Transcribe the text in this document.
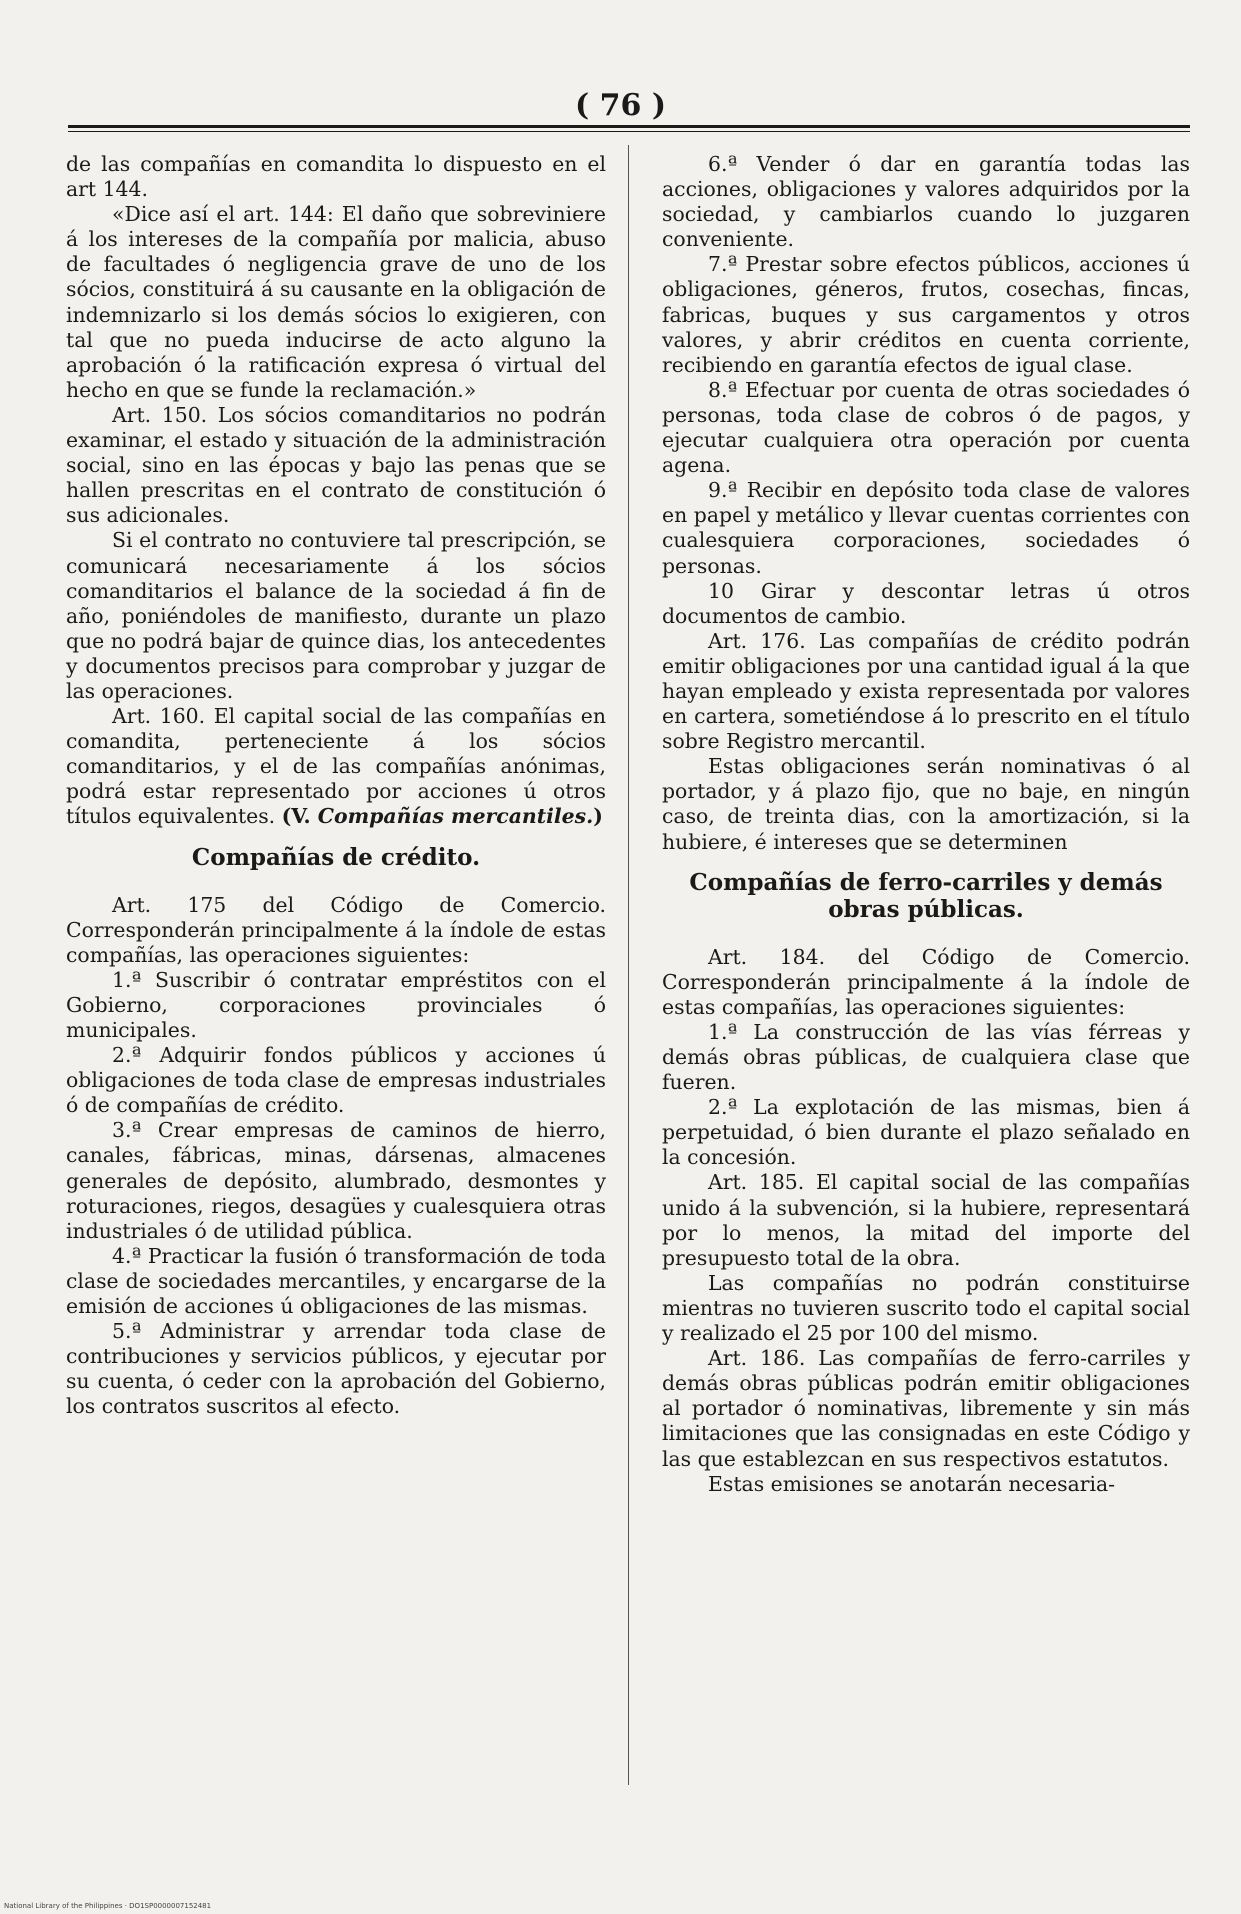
( 76 )

de las compañías en comandita lo dispuesto en el art 144.

«Dice así el art. 144: El daño que sobreviniere á los intereses de la compañía por malicia, abuso de facultades ó negligencia grave de uno de los sócios, constituirá á su causante en la obligación de indemnizarlo si los demás sócios lo exigieren, con tal que no pueda inducirse de acto alguno la aprobación ó la ratificación expresa ó virtual del hecho en que se funde la reclamación.»

Art. 150. Los sócios comanditarios no podrán examinar, el estado y situación de la administración social, sino en las épocas y bajo las penas que se hallen prescritas en el contrato de constitución ó sus adicionales.

Si el contrato no contuviere tal prescripción, se comunicará necesariamente á los sócios comanditarios el balance de la sociedad á fin de año, poniéndoles de manifiesto, durante un plazo que no podrá bajar de quince dias, los antecedentes y documentos precisos para comprobar y juzgar de las operaciones.

Art. 160. El capital social de las compañías en comandita, perteneciente á los sócios comanditarios, y el de las compañías anónimas, podrá estar representado por acciones ú otros títulos equivalentes. (V. Compañías mercantiles.)

Compañías de crédito.

Art. 175 del Código de Comercio. Corresponderán principalmente á la índole de estas compañías, las operaciones siguientes:

1.ª Suscribir ó contratar empréstitos con el Gobierno, corporaciones provinciales ó municipales.

2.ª Adquirir fondos públicos y acciones ú obligaciones de toda clase de empresas industriales ó de compañías de crédito.

3.ª Crear empresas de caminos de hierro, canales, fábricas, minas, dársenas, almacenes generales de depósito, alumbrado, desmontes y roturaciones, riegos, desagües y cualesquiera otras industriales ó de utilidad pública.

4.ª Practicar la fusión ó transformación de toda clase de sociedades mercantiles, y encargarse de la emisión de acciones ú obligaciones de las mismas.

5.ª Administrar y arrendar toda clase de contribuciones y servicios públicos, y ejecutar por su cuenta, ó ceder con la aprobación del Gobierno, los contratos suscritos al efecto.

6.ª Vender ó dar en garantía todas las acciones, obligaciones y valores adquiridos por la sociedad, y cambiarlos cuando lo juzgaren conveniente.

7.ª Prestar sobre efectos públicos, acciones ú obligaciones, géneros, frutos, cosechas, fincas, fabricas, buques y sus cargamentos y otros valores, y abrir créditos en cuenta corriente, recibiendo en garantía efectos de igual clase.

8.ª Efectuar por cuenta de otras sociedades ó personas, toda clase de cobros ó de pagos, y ejecutar cualquiera otra operación por cuenta agena.

9.ª Recibir en depósito toda clase de valores en papel y metálico y llevar cuentas corrientes con cualesquiera corporaciones, sociedades ó personas.

10 Girar y descontar letras ú otros documentos de cambio.

Art. 176. Las compañías de crédito podrán emitir obligaciones por una cantidad igual á la que hayan empleado y exista representada por valores en cartera, sometiéndose á lo prescrito en el título sobre Registro mercantil.

Estas obligaciones serán nominativas ó al portador, y á plazo fijo, que no baje, en ningún caso, de treinta dias, con la amortización, si la hubiere, é intereses que se determinen

Compañías de ferro-carriles y demás obras públicas.

Art. 184. del Código de Comercio. Corresponderán principalmente á la índole de estas compañías, las operaciones siguientes:

1.ª La construcción de las vías férreas y demás obras públicas, de cualquiera clase que fueren.

2.ª La explotación de las mismas, bien á perpetuidad, ó bien durante el plazo señalado en la concesión.

Art. 185. El capital social de las compañías unido á la subvención, si la hubiere, representará por lo menos, la mitad del importe del presupuesto total de la obra.

Las compañías no podrán constituirse mientras no tuvieren suscrito todo el capital social y realizado el 25 por 100 del mismo.

Art. 186. Las compañías de ferro-carriles y demás obras públicas podrán emitir obligaciones al portador ó nominativas, libremente y sin más limitaciones que las consignadas en este Código y las que establezcan en sus respectivos estatutos.

Estas emisiones se anotarán necesaria-

National Library of the Philippines · DO1SP0000007152481
